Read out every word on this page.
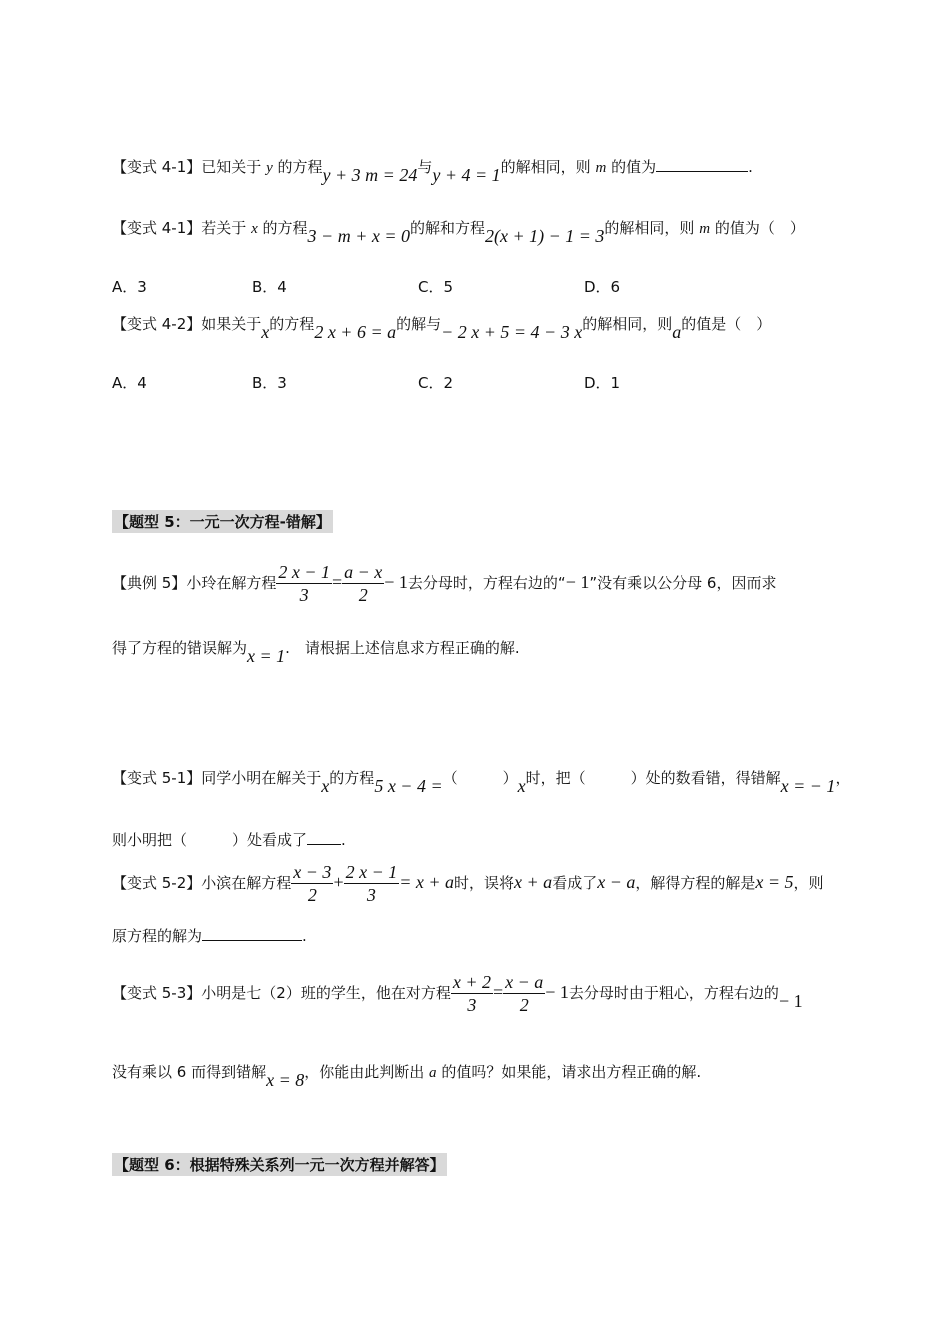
【变式 4-1】已知关于 y 的方程y + 3 m = 24与y + 4 = 1的解相同，则 m 的值为	.
【变式 4-1】若关于 x 的方程3 − m + x = 0的解和方程2(x + 1) − 1 = 3的解相同，则 m 的值为（　）
A．3	B．4	C．5	D．6
【变式 4-2】如果关于x的方程2 x + 6 = a的解与− 2 x + 5 = 4 − 3 x的解相同，则a的值是（　）
A．4	B．3	C．2	D．1
【题型 5：一元一次方程-错解】
【典例 5】小玲在解方程 $\frac{2 x - 1}{3} = \frac{a - x}{2} - 1$去分母时，方程右边的“− 1”没有乘以公分母 6，因而求
得了方程的错误解为x = 1.　请根据上述信息求方程正确的解.
【变式 5-1】同学小明在解关于x的方程5 x − 4 =（　　　）x时，把（　　　）处的数看错，得错解x = − 1，
则小明把（　　　）处看成了 .
【变式 5-2】小滨在解方程 $\frac{x - 3}{2} + \frac{2 x - 1}{3} = x + a$时，误将x + a看成了x − a，解得方程的解是x = 5，则
原方程的解为	.
【变式 5-3】小明是七（2）班的学生，他在对方程 $\frac{x + 2}{3} = \frac{x - a}{2} - 1$去分母时由于粗心，方程右边的− 1
没有乘以 6 而得到错解x = 8，你能由此判断出 a 的值吗？如果能，请求出方程正确的解.
【题型 6：根据特殊关系列一元一次方程并解答】
